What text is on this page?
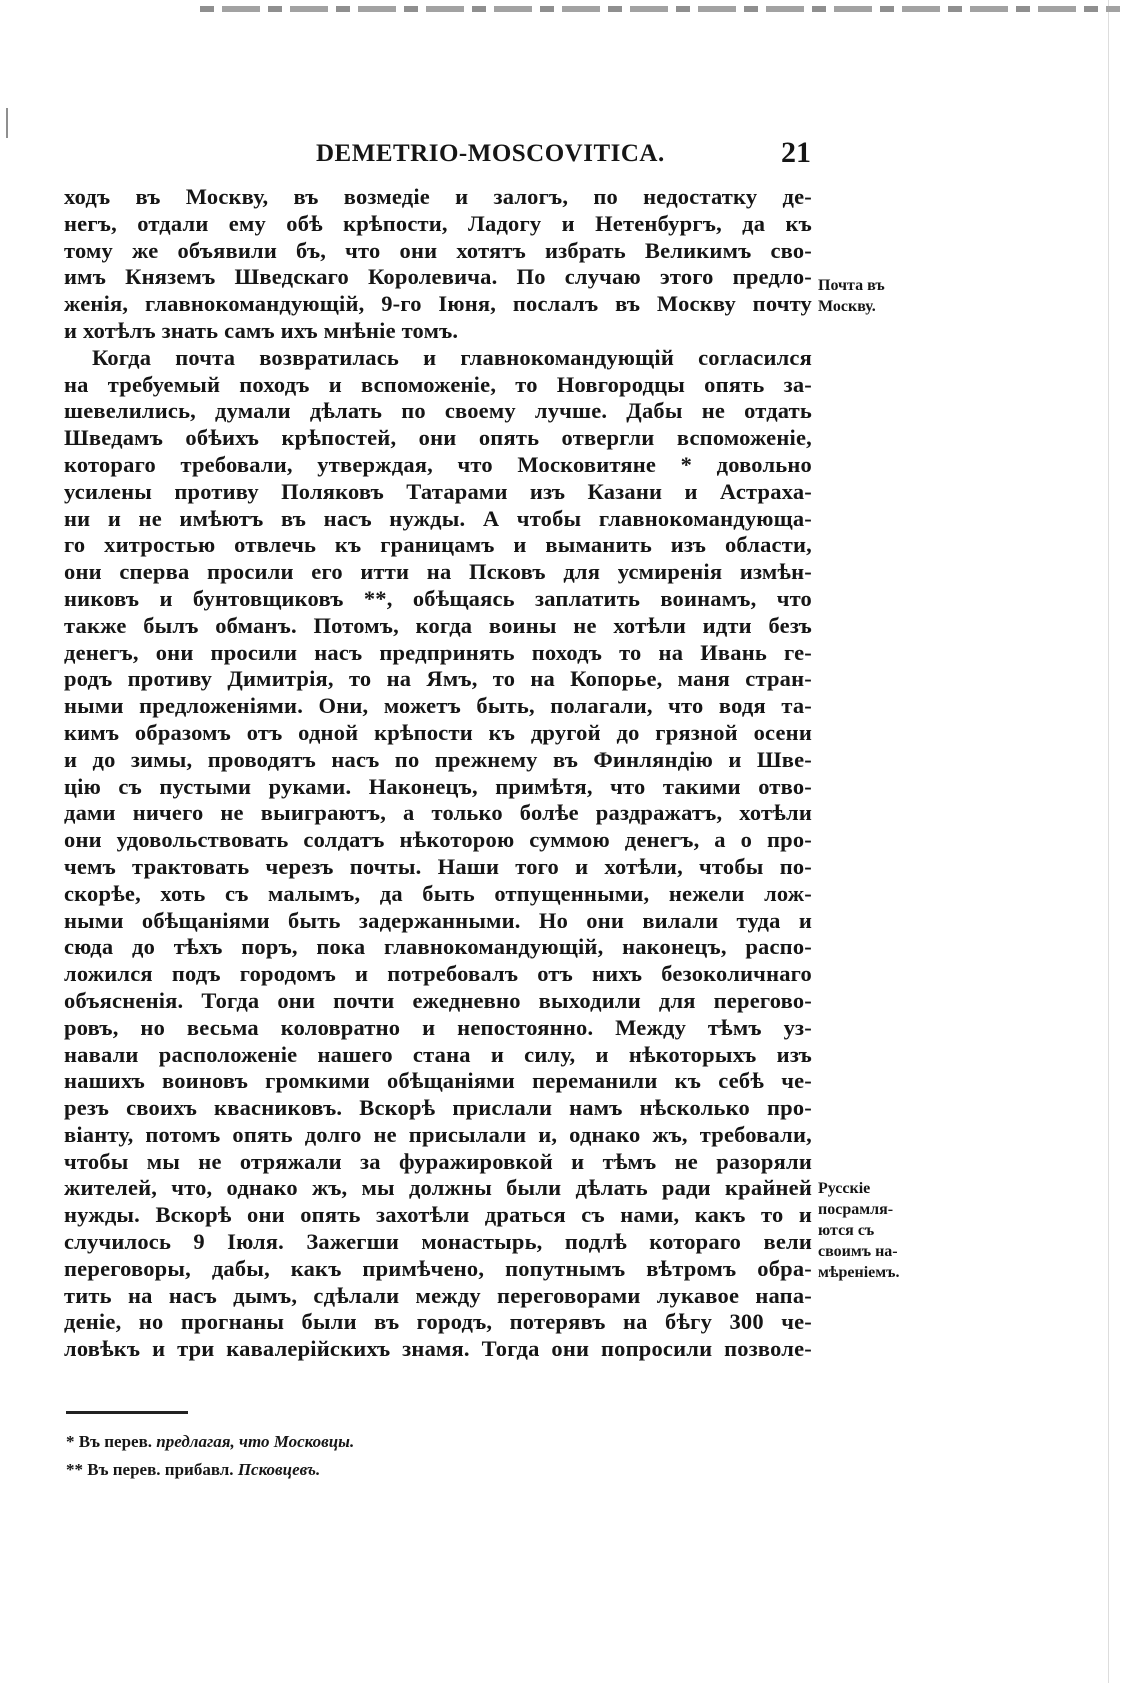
DEMETRIO-MOSCOVITICA.	21
ходъ въ Москву, въ возмедіе и залогъ, по недостатку де-
негъ, отдали ему обѣ крѣпости, Ладогу и Нетенбургъ, да къ
тому же объявили бъ, что они хотятъ избрать Великимъ сво-
имъ Княземъ Шведскаго Королевича. По случаю этого предло-
женія, главнокомандующій, 9-го Іюня, послалъ въ Москву почту
и хотѣлъ знать самъ ихъ мнѣніе томъ.
Когда почта возвратилась и главнокомандующій согласился
на требуемый походъ и вспоможеніе, то Новгородцы опять за-
шевелились, думали дѣлать по своему лучше. Дабы не отдать
Шведамъ обѣихъ крѣпостей, они опять отвергли вспоможеніе,
котораго требовали, утверждая, что Московитяне * довольно
усилены противу Поляковъ Татарами изъ Казани и Астраха-
ни и не имѣютъ въ насъ нужды. А чтобы главнокомандующа-
го хитростью отвлечь къ границамъ и выманить изъ области,
они сперва просили его итти на Псковъ для усмиренія измѣн-
никовъ и бунтовщиковъ **, обѣщаясь заплатить воинамъ, что
также былъ обманъ. Потомъ, когда воины не хотѣли идти безъ
денегъ, они просили насъ предпринять походъ то на Ивань ге-
родъ противу Димитрія, то на Ямъ, то на Копорье, маня стран-
ными предложеніями. Они, можетъ быть, полагали, что водя та-
кимъ образомъ отъ одной крѣпости къ другой до грязной осени
и до зимы, проводятъ насъ по прежнему въ Финляндію и Шве-
цію съ пустыми руками. Наконецъ, примѣтя, что такими отво-
дами ничего не выиграютъ, а только болѣе раздражатъ, хотѣли
они удовольствовать солдатъ нѣкоторою суммою денегъ, а о про-
чемъ трактовать черезъ почты. Наши того и хотѣли, чтобы по-
скорѣе, хоть съ малымъ, да быть отпущенными, нежели лож-
ными обѣщаніями быть задержанными. Но они вилали туда и
сюда до тѣхъ поръ, пока главнокомандующій, наконецъ, распо-
ложился подъ городомъ и потребовалъ отъ нихъ безоколичнаго
объясненія. Тогда они почти ежедневно выходили для перегово-
ровъ, но весьма коловратно и непостоянно. Между тѣмъ уз-
навали расположеніе нашего стана и силу, и нѣкоторыхъ изъ
нашихъ воиновъ громкими обѣщаніями переманили къ себѣ че-
резъ своихъ квасниковъ. Вскорѣ прислали намъ нѣсколько про-
віанту, потомъ опять долго не присылали и, однако жъ, требовали,
чтобы мы не отряжали за фуражировкой и тѣмъ не разоряли
жителей, что, однако жъ, мы должны были дѣлать ради крайней
нужды. Вскорѣ они опять захотѣли драться съ нами, какъ то и
случилось 9 Іюля. Зажегши монастырь, подлѣ котораго вели
переговоры, дабы, какъ примѣчено, попутнымъ вѣтромъ обра-
тить на насъ дымъ, сдѣлали между переговорами лукавое напа-
деніе, но прогнаны были въ городъ, потерявъ на бѣгу 300 че-
ловѣкъ и три кавалерійскихъ знамя. Тогда они попросили позволе-
Почта въ
Москву.
Русскіе
посрамля-
ются съ
своимъ на-
мѣреніемъ.
* Въ перев. предлагая, что Московцы.
** Въ перев. прибавл. Псковцевъ.
